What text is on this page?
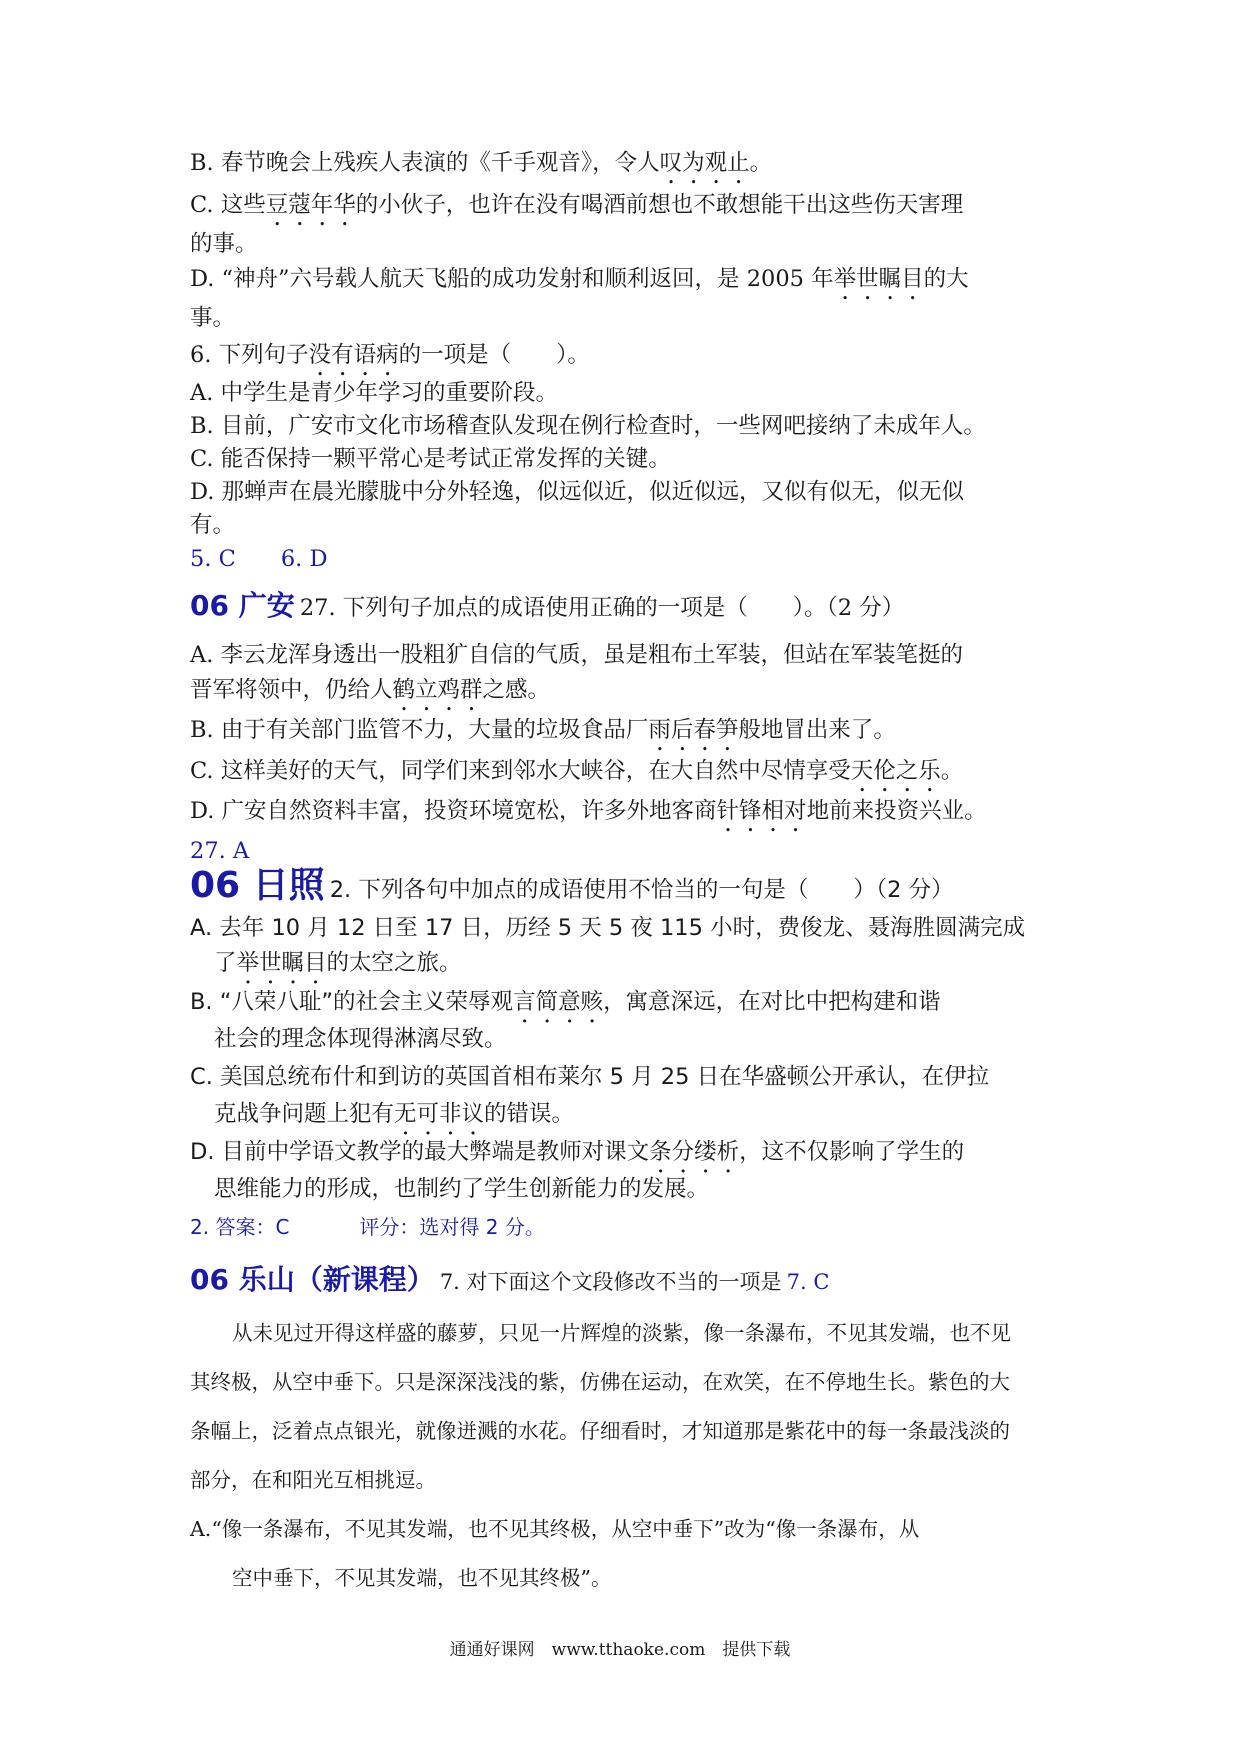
B. 春节晚会上残疾人表演的《千手观音》，令人叹为观止。
C. 这些豆蔻年华的小伙子，也许在没有喝酒前想也不敢想能干出这些伤天害理
的事。
D. “神舟”六号载人航天飞船的成功发射和顺利返回，是 2005 年举世瞩目的大
事。
6. 下列句子没有语病的一项是（　　）。
A. 中学生是青少年学习的重要阶段。
B. 目前，广安市文化市场稽查队发现在例行检查时，一些网吧接纳了未成年人。
C. 能否保持一颗平常心是考试正常发挥的关键。
D. 那蝉声在晨光朦胧中分外轻逸，似远似近，似近似远，又似有似无，似无似
有。
5. C　　6. D
06 广安 27. 下列句子加点的成语使用正确的一项是（　　）。（2 分）
A. 李云龙浑身透出一股粗犷自信的气质，虽是粗布土军装，但站在军装笔挺的
晋军将领中，仍给人鹤立鸡群之感。
B. 由于有关部门监管不力，大量的垃圾食品厂雨后春笋般地冒出来了。
C. 这样美好的天气，同学们来到邻水大峡谷，在大自然中尽情享受天伦之乐。
D. 广安自然资料丰富，投资环境宽松，许多外地客商针锋相对地前来投资兴业。
27. A
06 日照 2. 下列各句中加点的成语使用不恰当的一句是（　　）（2 分）
A. 去年 10 月 12 日至 17 日，历经 5 天 5 夜 115 小时，费俊龙、聂海胜圆满完成
了举世瞩目的太空之旅。
B. “八荣八耻”的社会主义荣辱观言简意赅，寓意深远，在对比中把构建和谐
社会的理念体现得淋漓尽致。
C. 美国总统布什和到访的英国首相布莱尔 5 月 25 日在华盛顿公开承认，在伊拉
克战争问题上犯有无可非议的错误。
D. 目前中学语文教学的最大弊端是教师对课文条分缕析，这不仅影响了学生的
思维能力的形成，也制约了学生创新能力的发展。
2. 答案：C	评分：选对得 2 分。
06 乐山（新课程） 7. 对下面这个文段修改不当的一项是 7. C
从未见过开得这样盛的藤萝，只见一片辉煌的淡紫，像一条瀑布，不见其发端，也不见
其终极，从空中垂下。只是深深浅浅的紫，仿佛在运动，在欢笑，在不停地生长。紫色的大
条幅上，泛着点点银光，就像迸溅的水花。仔细看时，才知道那是紫花中的每一条最浅淡的
部分，在和阳光互相挑逗。
A.“像一条瀑布，不见其发端，也不见其终极，从空中垂下”改为“像一条瀑布，从
空中垂下，不见其发端，也不见其终极”。
通通好课网　www.tthaoke.com　提供下载
